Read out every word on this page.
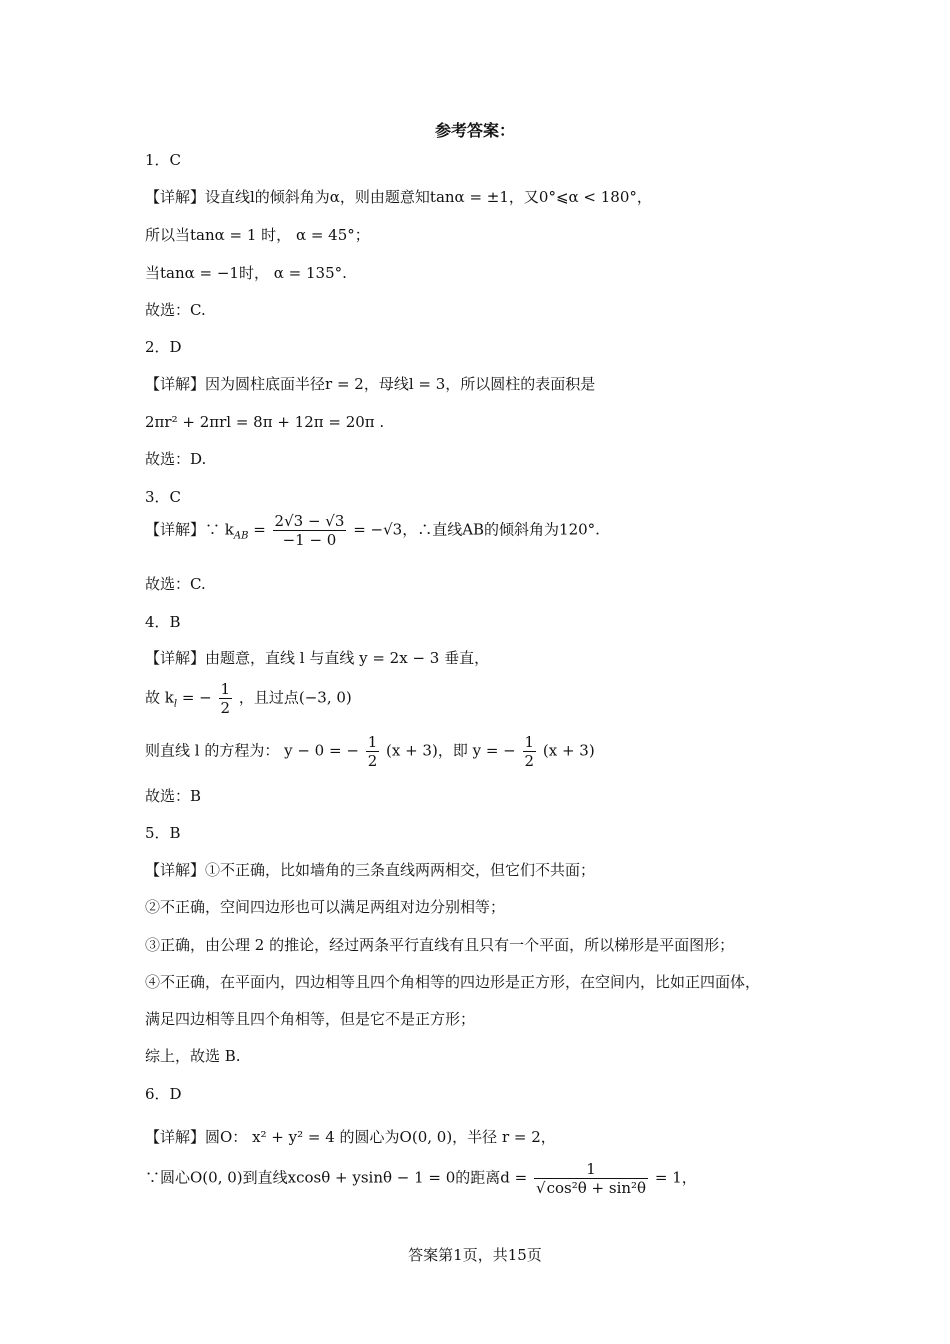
参考答案：
1．C
【详解】设直线l的倾斜角为α，则由题意知tanα = ±1，又0°⩽α < 180°，
所以当tanα = 1 时， α = 45°；
当tanα = −1时， α = 135°.
故选：C.
2．D
【详解】因为圆柱底面半径r = 2，母线l = 3，所以圆柱的表面积是
2πr² + 2πrl = 8π + 12π = 20π .
故选：D.
3．C
【详解】∵ $k_{AB} = \frac{2√3 - √3}{-1 - 0} = -√3$，∴直线AB的倾斜角为120°.
故选：C.
4．B
【详解】由题意，直线 l 与直线 y = 2x − 3 垂直，
故 $k_l$ = − $\frac{1}{2}$ ，且过点(−3, 0)
则直线 l 的方程为： y − 0 = − $\frac{1}{2} (x + 3)$，即 y = − $\frac{1}{2} (x + 3)$
故选：B
5．B
【详解】①不正确，比如墙角的三条直线两两相交，但它们不共面；
②不正确，空间四边形也可以满足两组对边分别相等；
③正确，由公理 2 的推论，经过两条平行直线有且只有一个平面，所以梯形是平面图形；
④不正确，在平面内，四边相等且四个角相等的四边形是正方形，在空间内，比如正四面体，
满足四边相等且四个角相等，但是它不是正方形；
综上，故选 B.
6．D
【详解】圆O： x² + y² = 4 的圆心为O(0, 0)，半径 r = 2，
∵圆心O(0, 0)到直线xcosθ + ysinθ − 1 = 0的距离$d = \frac{1}{\text{√cos²θ + sin²θ}} = 1$，
答案第1页，共15页
